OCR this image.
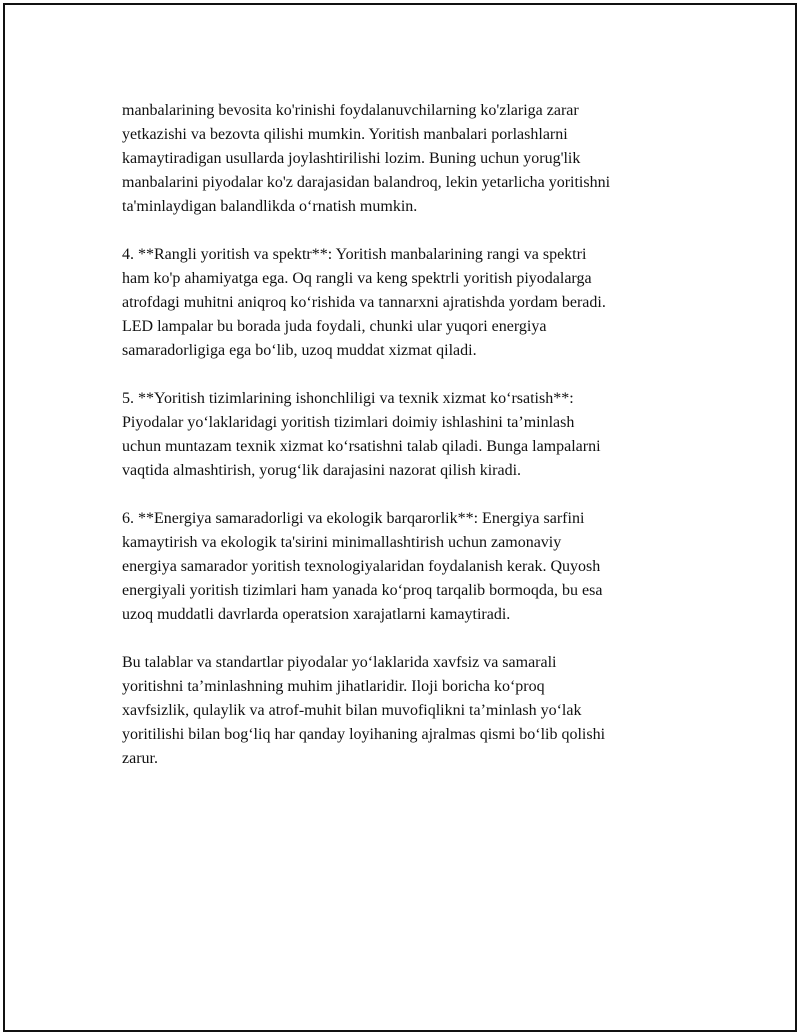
manbalarining bevosita ko'rinishi foydalanuvchilarning ko'zlariga zarar
yetkazishi va bezovta qilishi mumkin. Yoritish manbalari porlashlarni
kamaytiradigan usullarda joylashtirilishi lozim. Buning uchun yorug'lik
manbalarini piyodalar ko'z darajasidan balandroq, lekin yetarlicha yoritishni
ta'minlaydigan balandlikda o‘rnatish mumkin.

4. **Rangli yoritish va spektr**: Yoritish manbalarining rangi va spektri
ham ko'p ahamiyatga ega. Oq rangli va keng spektrli yoritish piyodalarga
atrofdagi muhitni aniqroq ko‘rishida va tannarxni ajratishda yordam beradi.
LED lampalar bu borada juda foydali, chunki ular yuqori energiya
samaradorligiga ega bo‘lib, uzoq muddat xizmat qiladi.

5. **Yoritish tizimlarining ishonchliligi va texnik xizmat ko‘rsatish**:
Piyodalar yo‘laklaridagi yoritish tizimlari doimiy ishlashini ta’minlash
uchun muntazam texnik xizmat ko‘rsatishni talab qiladi. Bunga lampalarni
vaqtida almashtirish, yorug‘lik darajasini nazorat qilish kiradi.

6. **Energiya samaradorligi va ekologik barqarorlik**: Energiya sarfini
kamaytirish va ekologik ta'sirini minimallashtirish uchun zamonaviy
energiya samarador yoritish texnologiyalaridan foydalanish kerak. Quyosh
energiyali yoritish tizimlari ham yanada ko‘proq tarqalib bormoqda, bu esa
uzoq muddatli davrlarda operatsion xarajatlarni kamaytiradi.

Bu talablar va standartlar piyodalar yo‘laklarida xavfsiz va samarali
yoritishni ta’minlashning muhim jihatlaridir. Iloji boricha ko‘proq
xavfsizlik, qulaylik va atrof-muhit bilan muvofiqlikni ta’minlash yo‘lak
yoritilishi bilan bog‘liq har qanday loyihaning ajralmas qismi bo‘lib qolishi
zarur.
